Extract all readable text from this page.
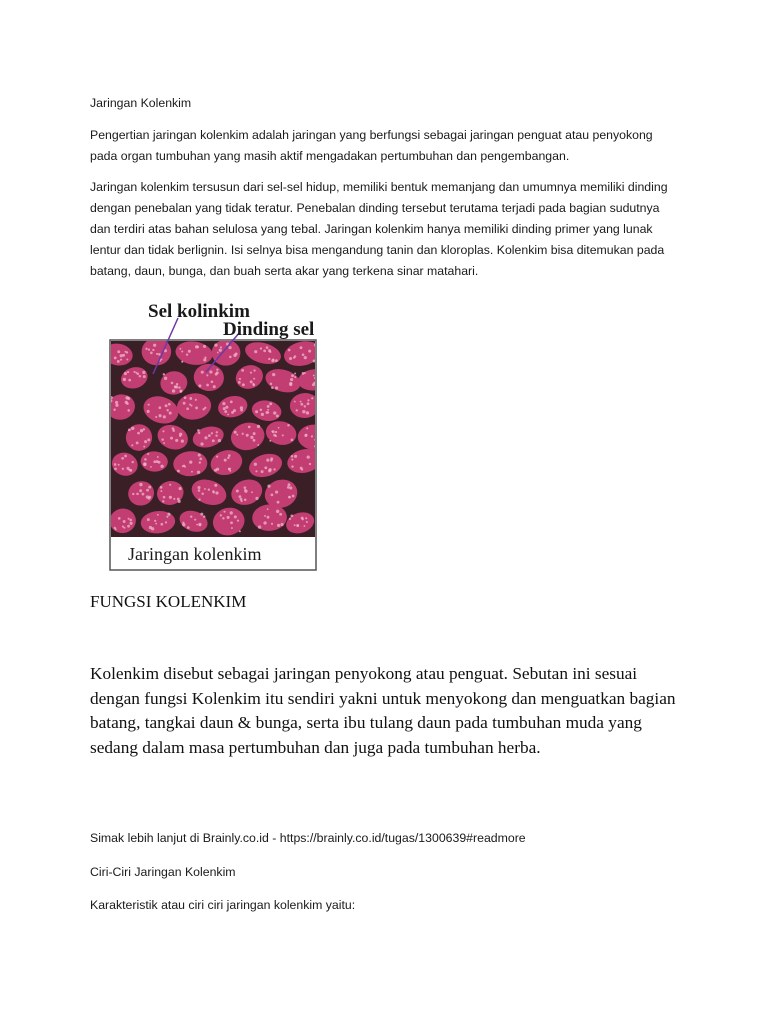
Jaringan Kolenkim

Pengertian jaringan kolenkim adalah jaringan yang berfungsi sebagai jaringan penguat atau penyokong pada organ tumbuhan yang masih aktif mengadakan pertumbuhan dan pengembangan.

Jaringan kolenkim tersusun dari sel-sel hidup, memiliki bentuk memanjang dan umumnya memiliki dinding dengan penebalan yang tidak teratur. Penebalan dinding tersebut terutama terjadi pada bagian sudutnya dan terdiri atas bahan selulosa yang tebal. Jaringan kolenkim hanya memiliki dinding primer yang lunak lentur dan tidak berlignin. Isi selnya bisa mengandung tanin dan kloroplas. Kolenkim bisa ditemukan pada batang, daun, bunga, dan buah serta akar yang terkena sinar matahari.

Sel kolinkim
Dinding sel
Jaringan kolenkim

FUNGSI KOLENKIM

Kolenkim disebut sebagai jaringan penyokong atau penguat. Sebutan ini sesuai dengan fungsi Kolenkim itu sendiri yakni untuk menyokong dan menguatkan bagian batang, tangkai daun & bunga, serta ibu tulang daun pada tumbuhan muda yang sedang dalam masa pertumbuhan dan juga pada tumbuhan herba.

Simak lebih lanjut di Brainly.co.id - https://brainly.co.id/tugas/1300639#readmore

Ciri-Ciri Jaringan Kolenkim

Karakteristik atau ciri ciri jaringan kolenkim yaitu:
